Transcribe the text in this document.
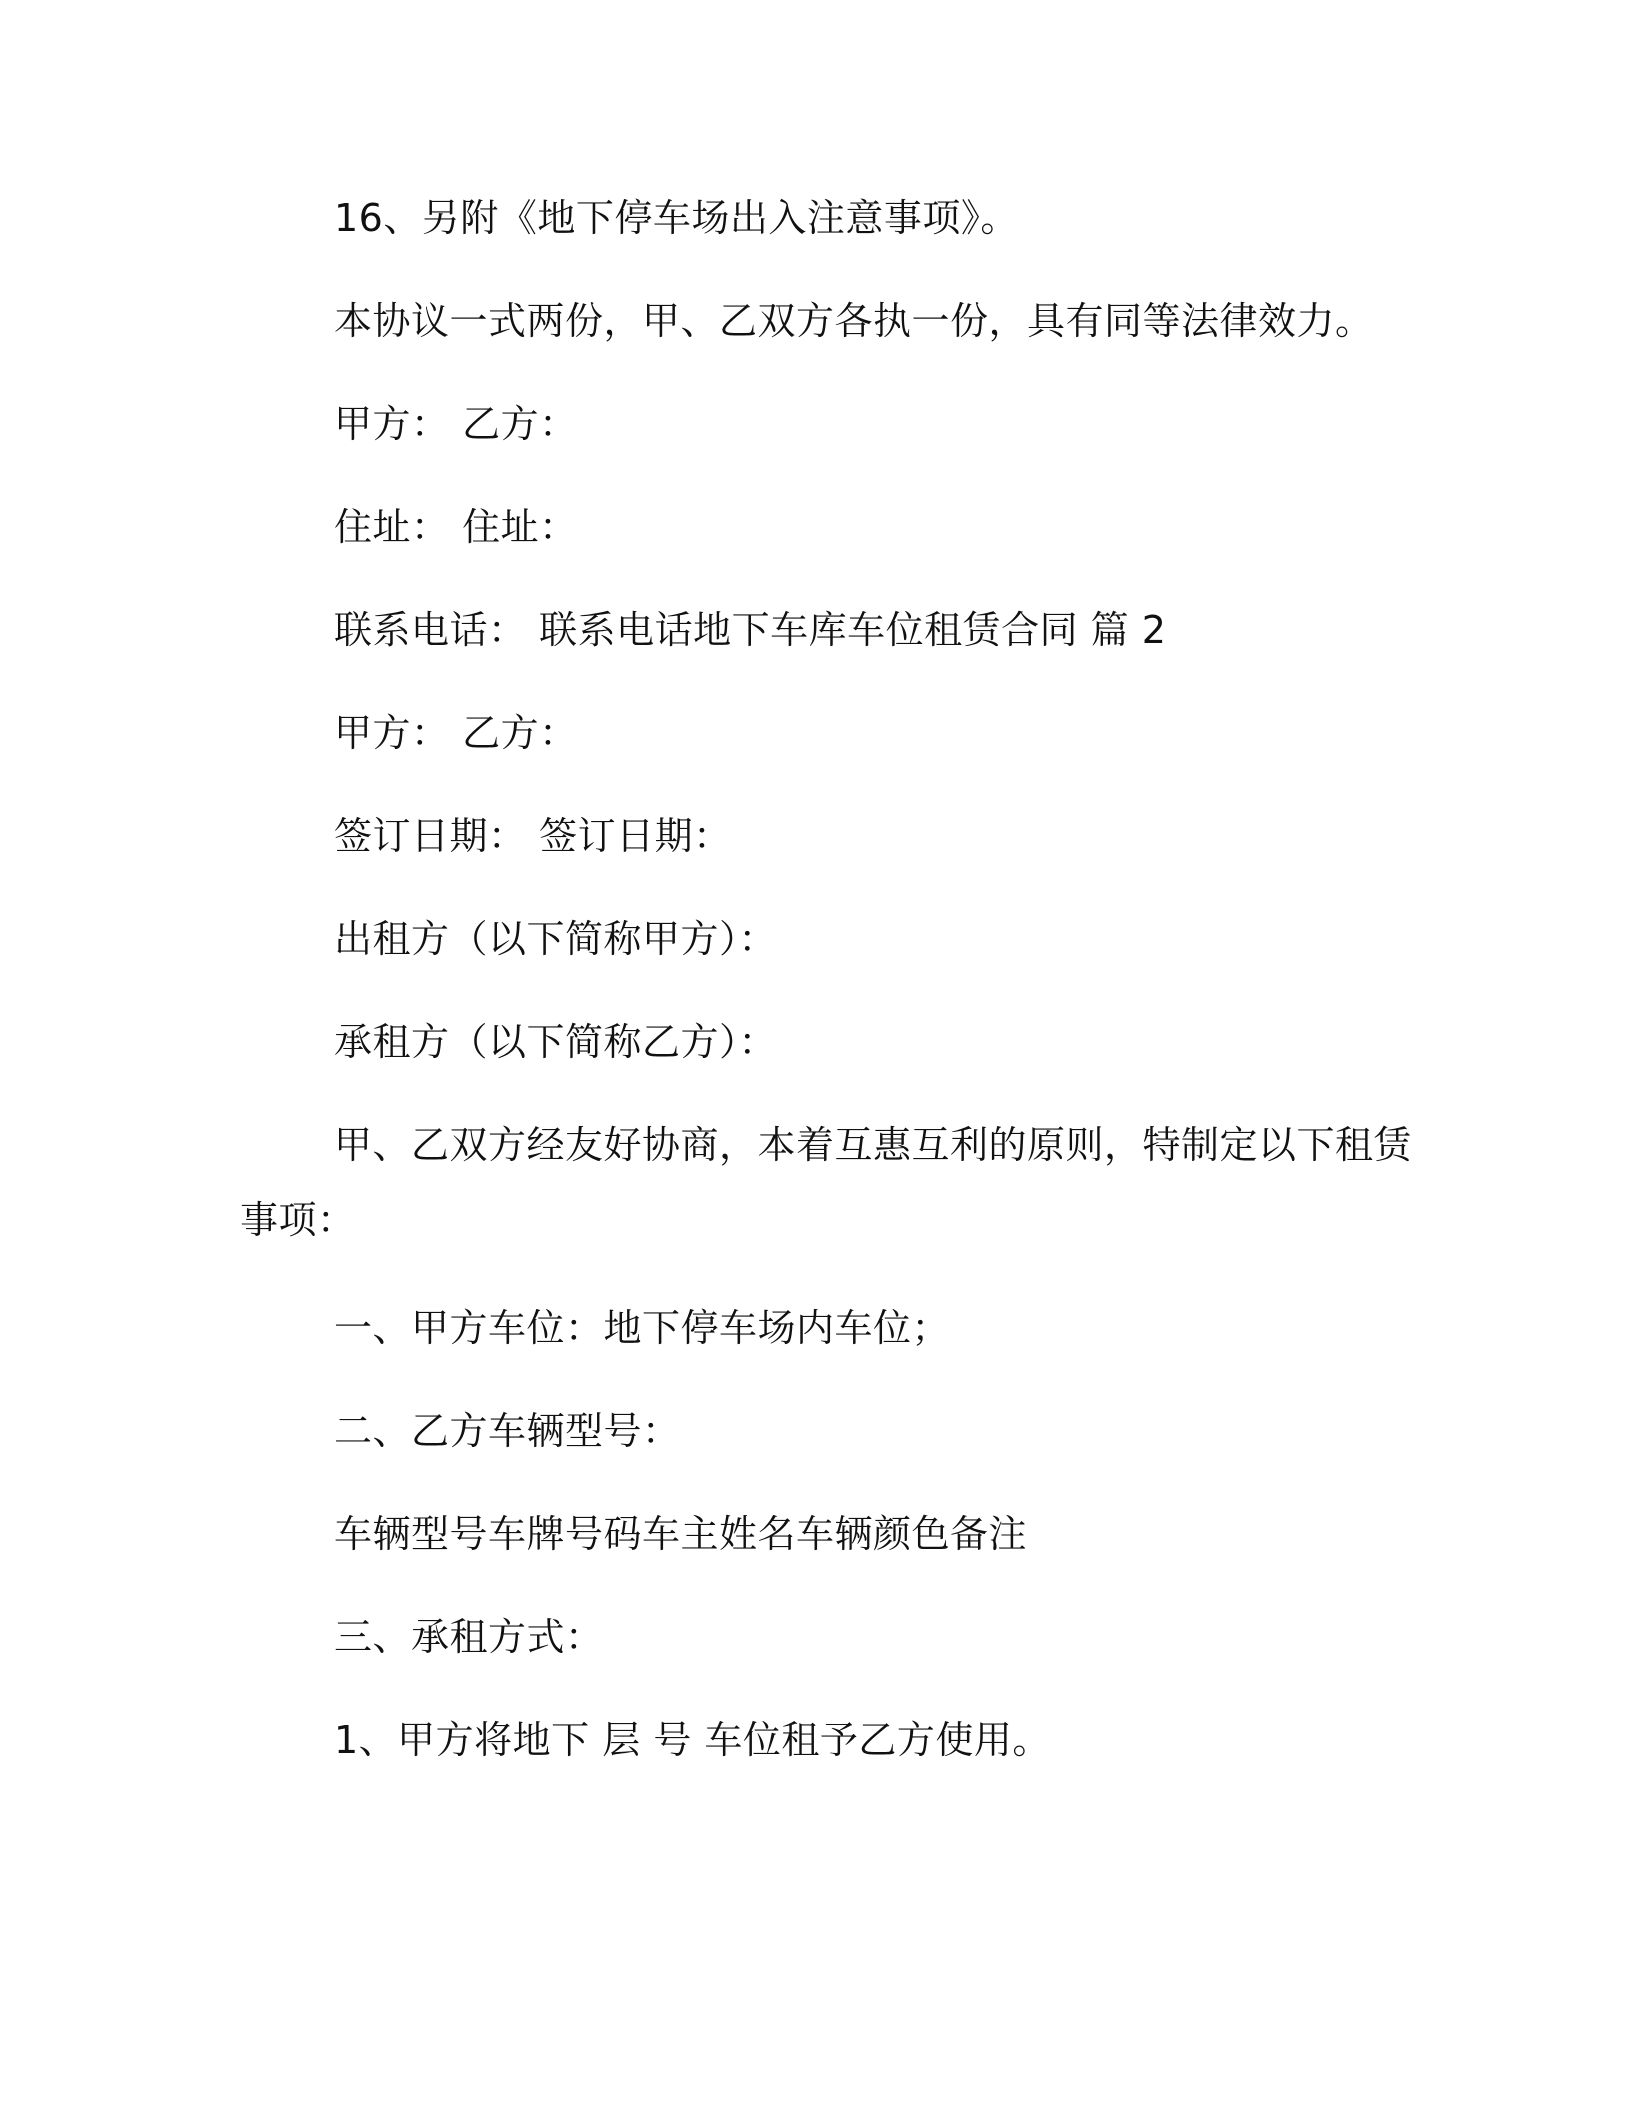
16、另附《地下停车场出入注意事项》。
本协议一式两份，甲、乙双方各执一份，具有同等法律效力。
甲方： 乙方：
住址： 住址：
联系电话： 联系电话地下车库车位租赁合同 篇 2
甲方： 乙方：
签订日期： 签订日期：
出租方（以下简称甲方）：
承租方（以下简称乙方）：
甲、乙双方经友好协商，本着互惠互利的原则，特制定以下租赁
事项：
一、甲方车位：地下停车场内车位；
二、乙方车辆型号：
车辆型号车牌号码车主姓名车辆颜色备注
三、承租方式：
1、甲方将地下 层 号 车位租予乙方使用。
